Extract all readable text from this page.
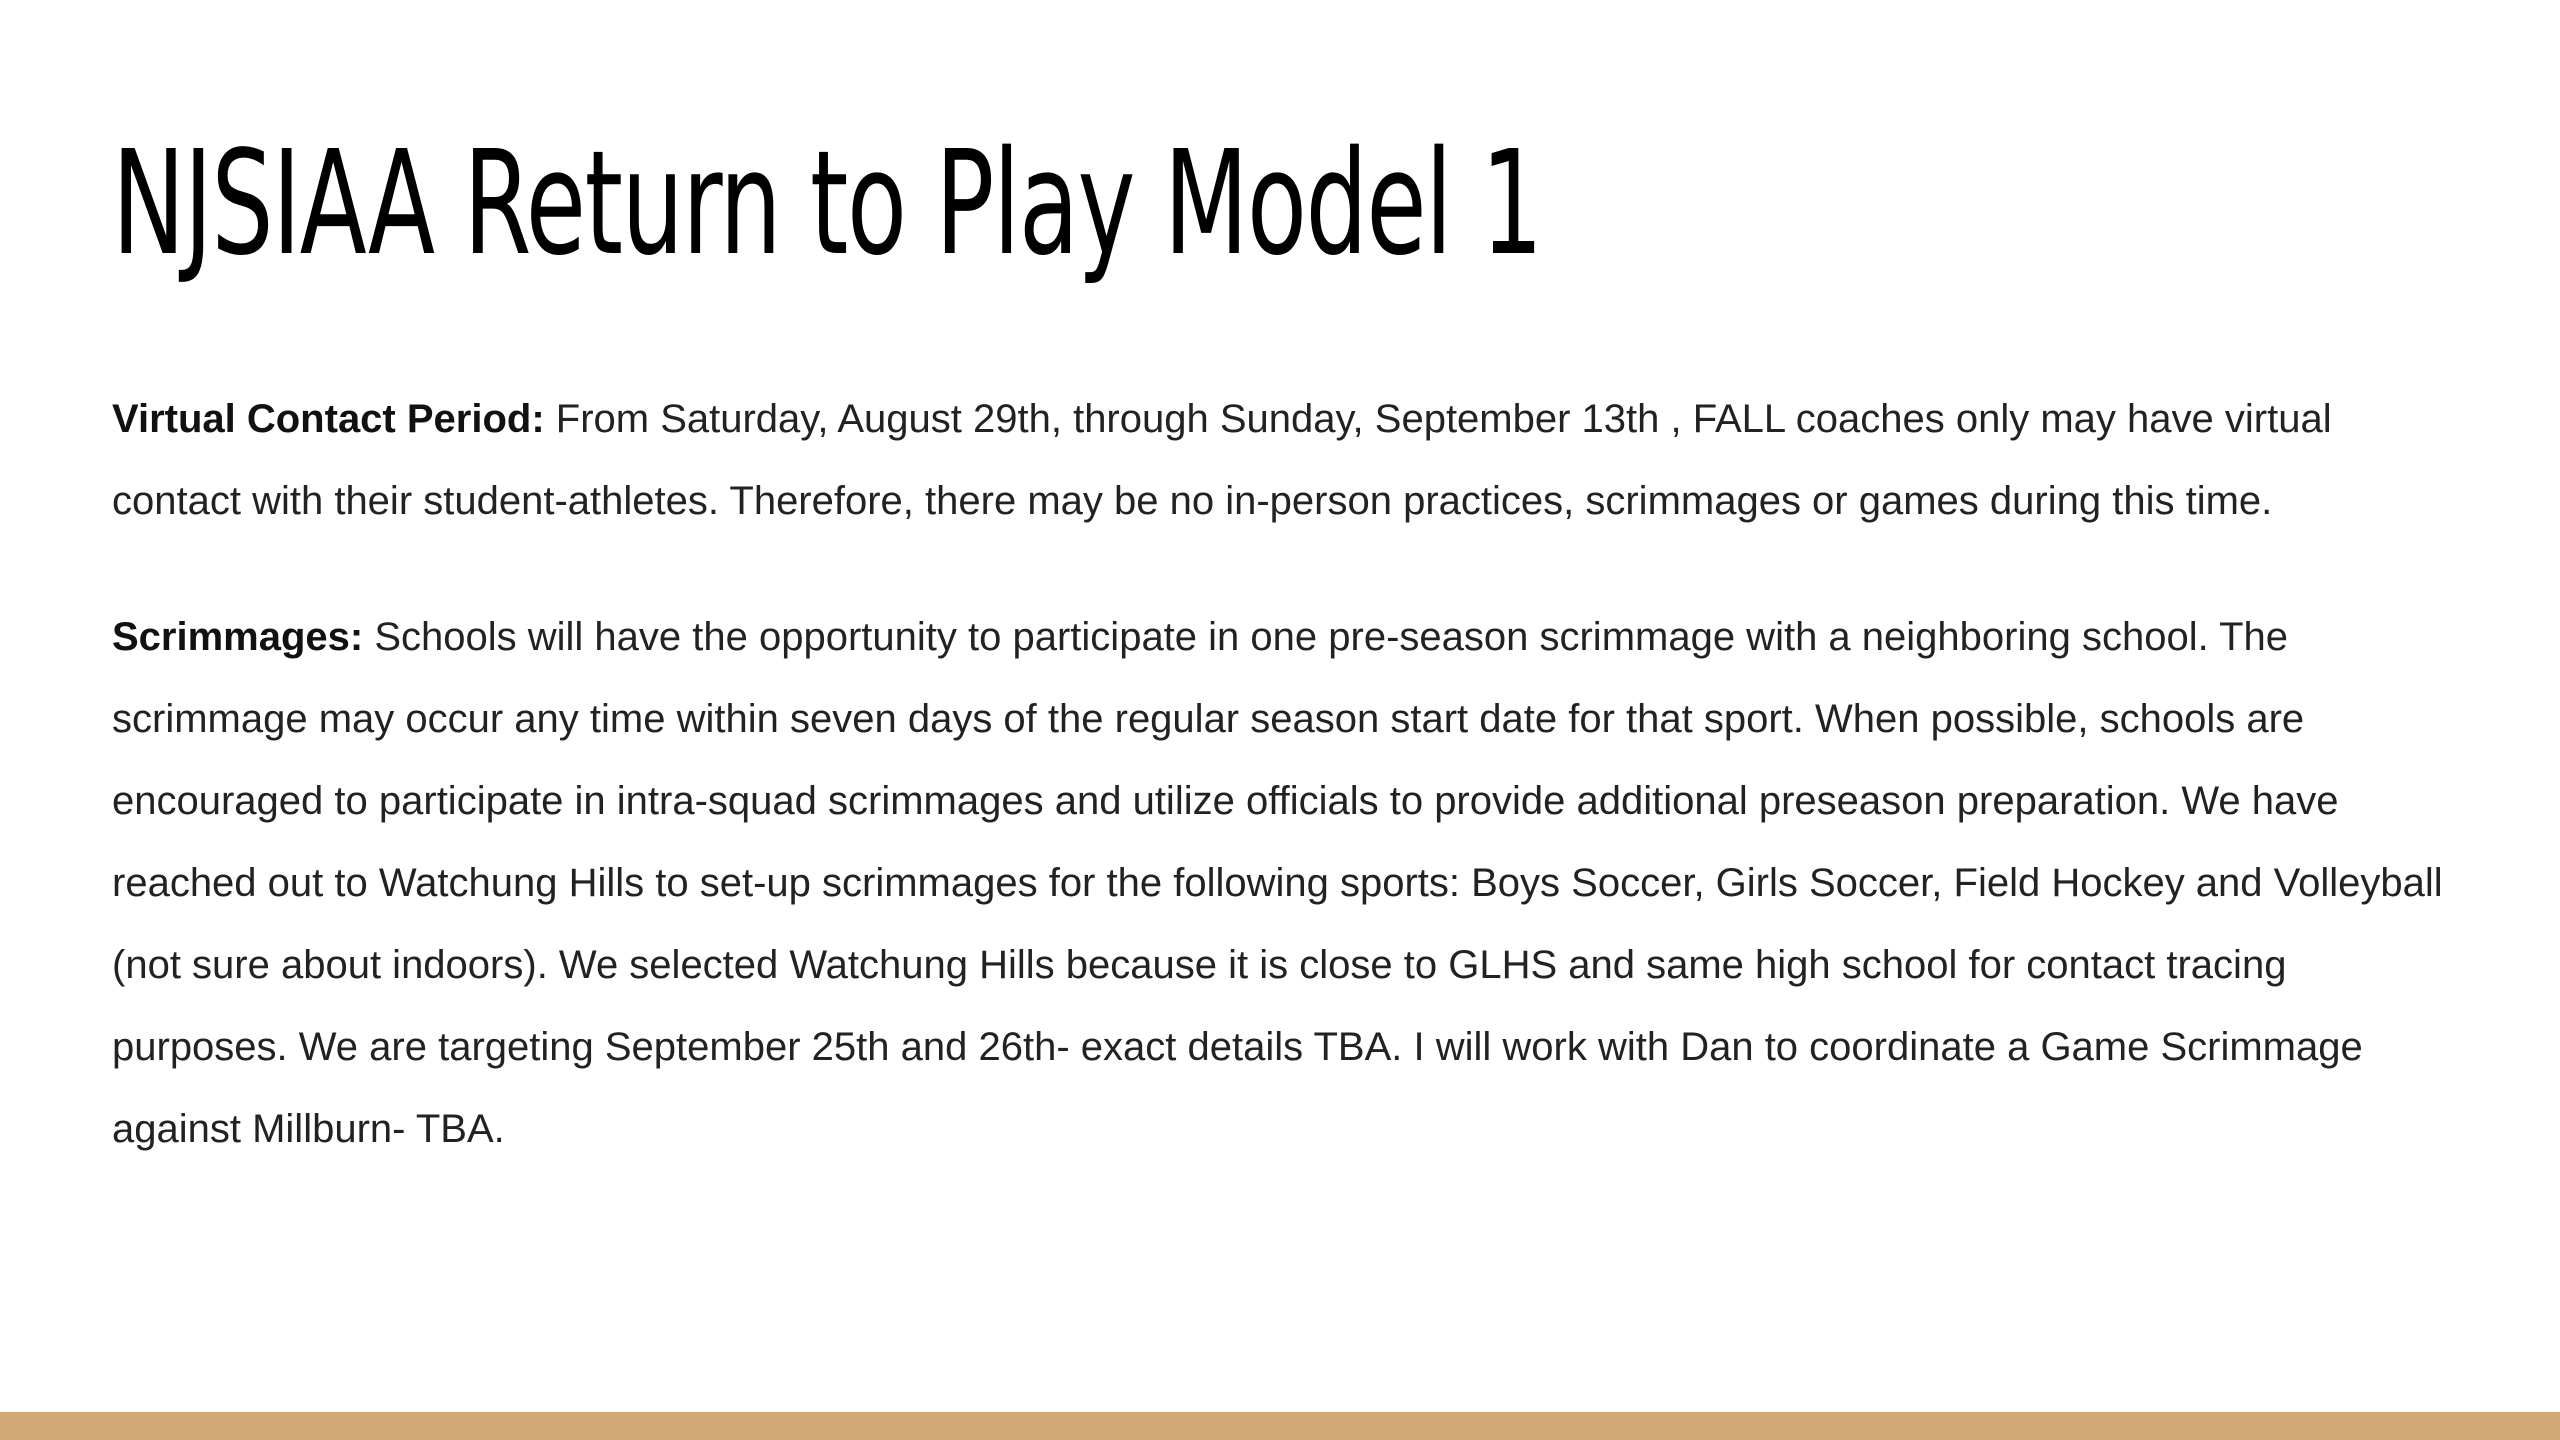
NJSIAA Return to Play Model 1

Virtual Contact Period: From Saturday, August 29th, through Sunday, September 13th , FALL coaches only may have virtual contact with their student-athletes. Therefore, there may be no in-person practices, scrimmages or games during this time.

Scrimmages: Schools will have the opportunity to participate in one pre-season scrimmage with a neighboring school. The scrimmage may occur any time within seven days of the regular season start date for that sport. When possible, schools are encouraged to participate in intra-squad scrimmages and utilize officials to provide additional preseason preparation. We have reached out to Watchung Hills to set-up scrimmages for the following sports: Boys Soccer, Girls Soccer, Field Hockey and Volleyball (not sure about indoors). We selected Watchung Hills because it is close to GLHS and same high school for contact tracing purposes. We are targeting September 25th and 26th- exact details TBA. I will work with Dan to coordinate a Game Scrimmage against Millburn- TBA.
